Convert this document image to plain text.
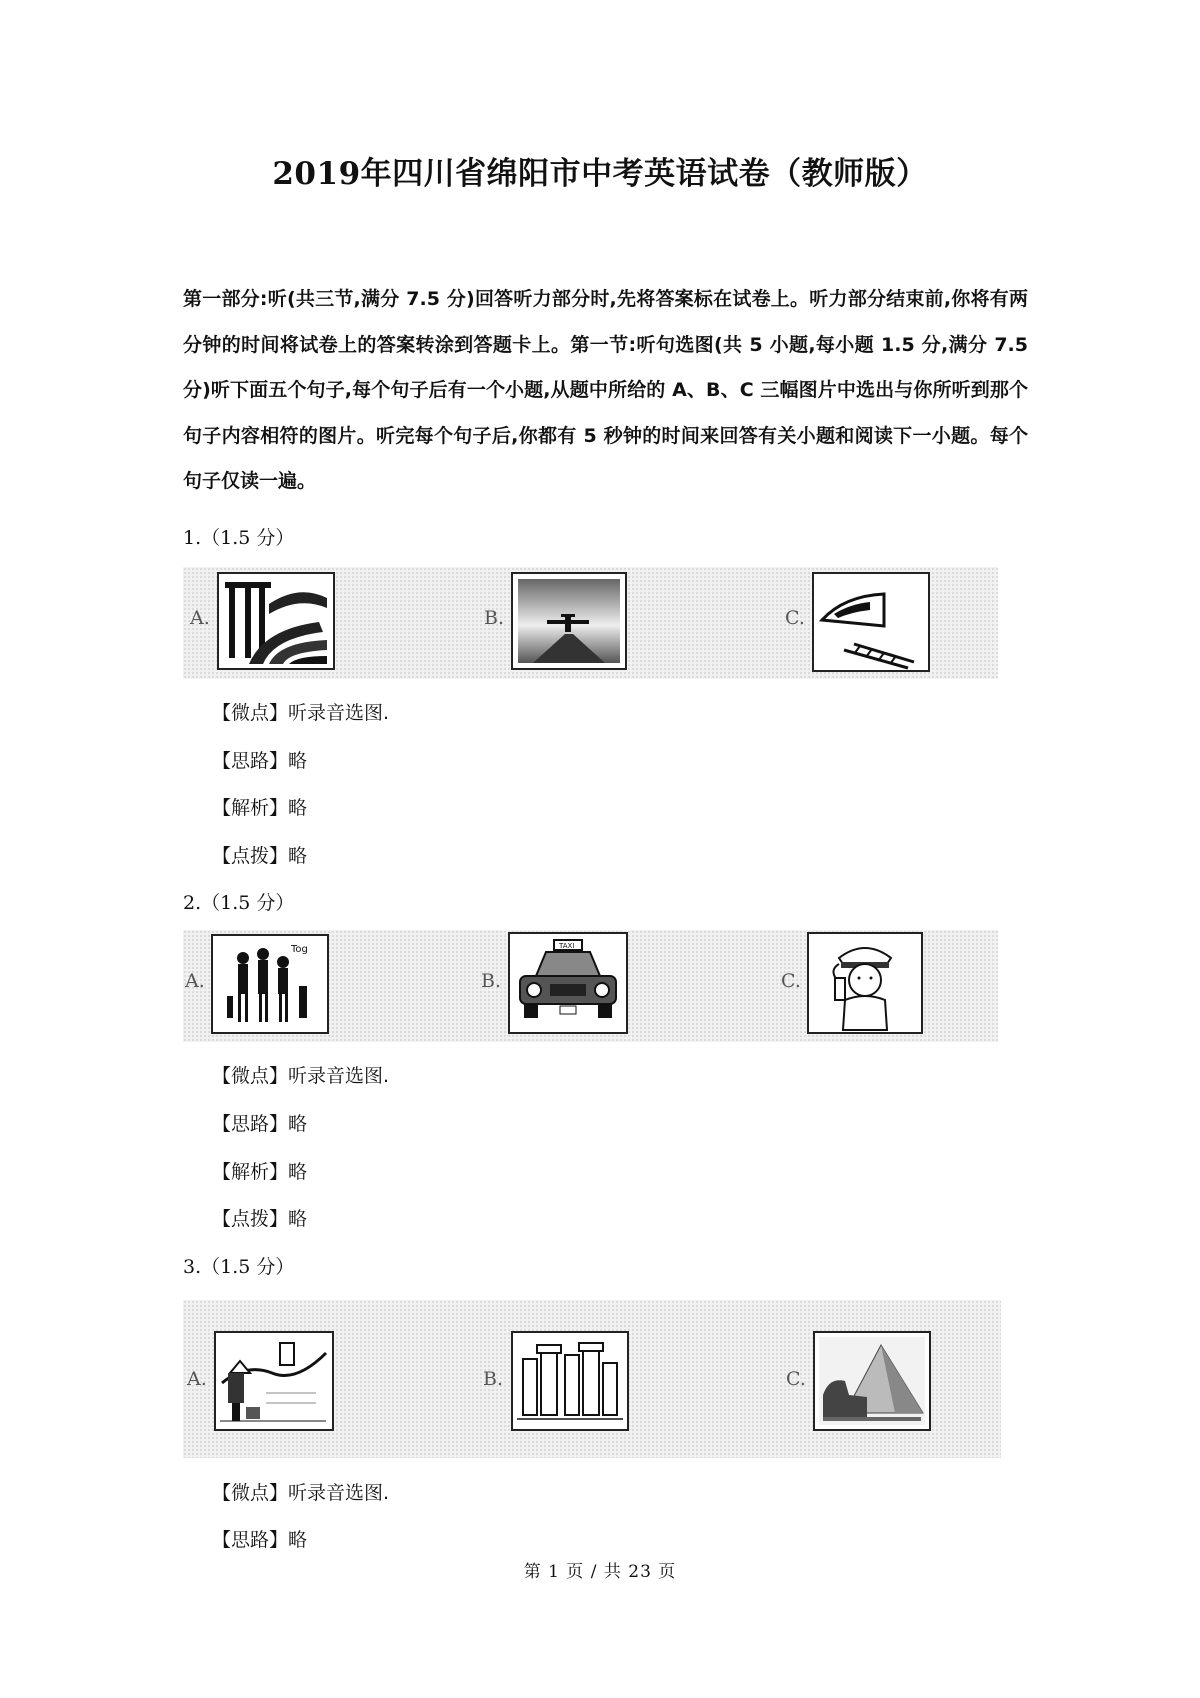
2019年四川省绵阳市中考英语试卷（教师版）
第一部分:听(共三节,满分 7.5 分)回答听力部分时,先将答案标在试卷上。听力部分结束前,你将有两分钟的时间将试卷上的答案转涂到答题卡上。第一节:听句选图(共 5 小题,每小题 1.5 分,满分 7.5 分)听下面五个句子,每个句子后有一个小题,从题中所给的 A、B、C 三幅图片中选出与你所听到那个句子内容相符的图片。听完每个句子后,你都有 5 秒钟的时间来回答有关小题和阅读下一小题。每个句子仅读一遍。
1.（1.5 分）
A.	B.	C.
【微点】听录音选图.
【思路】略
【解析】略
【点拨】略
2.（1.5 分）
A.
Tog
B.
TAXI
C.
【微点】听录音选图.
【思路】略
【解析】略
【点拨】略
3.（1.5 分）
A.	B.	C.
【微点】听录音选图.
【思路】略
第 1 页 / 共 23 页
